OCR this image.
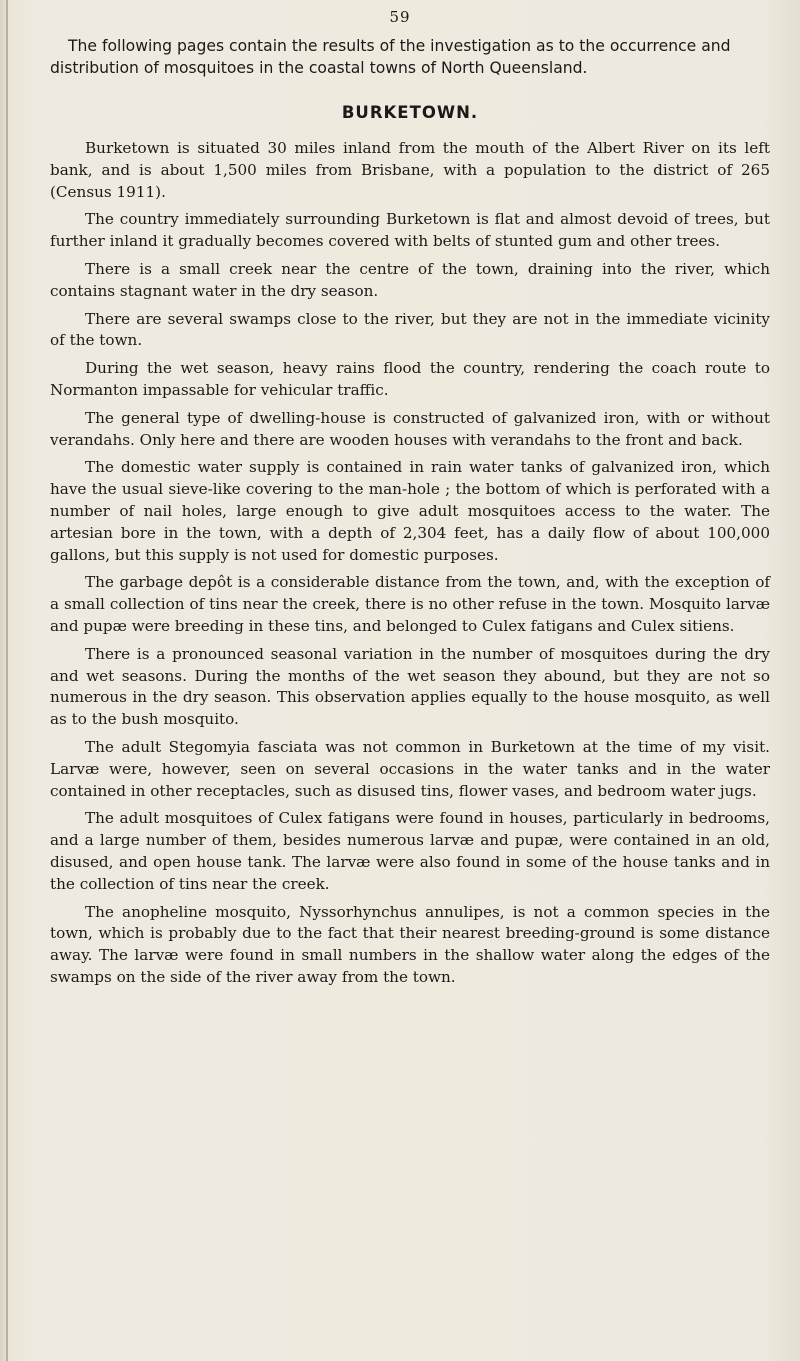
59

The following pages contain the results of the investigation as to the occurrence and distribution of mosquitoes in the coastal towns of North Queensland.

BURKETOWN.

Burketown is situated 30 miles inland from the mouth of the Albert River on its left bank, and is about 1,500 miles from Brisbane, with a population to the district of 265 (Census 1911).

The country immediately surrounding Burketown is flat and almost devoid of trees, but further inland it gradually becomes covered with belts of stunted gum and other trees.

There is a small creek near the centre of the town, draining into the river, which contains stagnant water in the dry season.

There are several swamps close to the river, but they are not in the immediate vicinity of the town.

During the wet season, heavy rains flood the country, rendering the coach route to Normanton impassable for vehicular traffic.

The general type of dwelling-house is constructed of galvanized iron, with or without verandahs. Only here and there are wooden houses with verandahs to the front and back.

The domestic water supply is contained in rain water tanks of galvanized iron, which have the usual sieve-like covering to the man-hole ; the bottom of which is perforated with a number of nail holes, large enough to give adult mosquitoes access to the water. The artesian bore in the town, with a depth of 2,304 feet, has a daily flow of about 100,000 gallons, but this supply is not used for domestic purposes.

The garbage depôt is a considerable distance from the town, and, with the exception of a small collection of tins near the creek, there is no other refuse in the town. Mosquito larvæ and pupæ were breeding in these tins, and belonged to Culex fatigans and Culex sitiens.

There is a pronounced seasonal variation in the number of mosquitoes during the dry and wet seasons. During the months of the wet season they abound, but they are not so numerous in the dry season. This observation applies equally to the house mosquito, as well as to the bush mosquito.

The adult Stegomyia fasciata was not common in Burketown at the time of my visit. Larvæ were, however, seen on several occasions in the water tanks and in the water contained in other receptacles, such as disused tins, flower vases, and bedroom water jugs.

The adult mosquitoes of Culex fatigans were found in houses, particularly in bedrooms, and a large number of them, besides numerous larvæ and pupæ, were contained in an old, disused, and open house tank. The larvæ were also found in some of the house tanks and in the collection of tins near the creek.

The anopheline mosquito, Nyssorhynchus annulipes, is not a common species in the town, which is probably due to the fact that their nearest breeding-ground is some distance away. The larvæ were found in small numbers in the shallow water along the edges of the swamps on the side of the river away from the town.
